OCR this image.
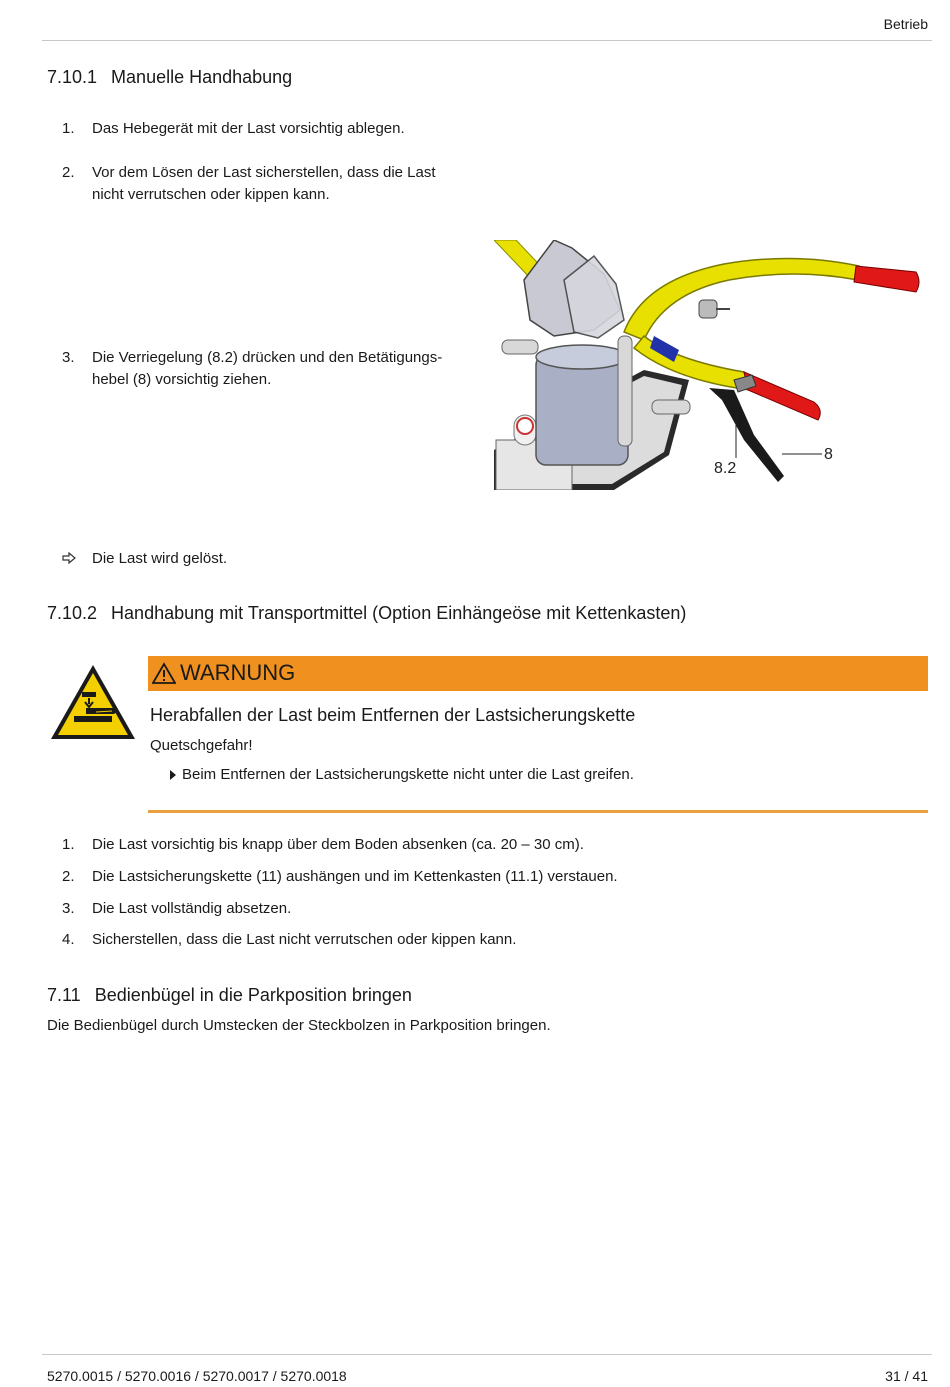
Betrieb
7.10.1 Manuelle Handhabung
1.	Das Hebegerät mit der Last vorsichtig ablegen.
2.	Vor dem Lösen der Last sicherstellen, dass die Last
nicht verrutschen oder kippen kann.
3.	Die Verriegelung (8.2) drücken und den Betätigungs-
hebel (8) vorsichtig ziehen.
8.2
8
Die Last wird gelöst.
7.10.2 Handhabung mit Transportmittel (Option Einhängeöse mit Kettenkasten)
WARNUNG
Herabfallen der Last beim Entfernen der Lastsicherungskette
Quetschgefahr!
Beim Entfernen der Lastsicherungskette nicht unter die Last greifen.
1.	Die Last vorsichtig bis knapp über dem Boden absenken (ca. 20 – 30 cm).
2.	Die Lastsicherungskette (11) aushängen und im Kettenkasten (11.1) verstauen.
3.	Die Last vollständig absetzen.
4.	Sicherstellen, dass die Last nicht verrutschen oder kippen kann.
7.11 Bedienbügel in die Parkposition bringen
Die Bedienbügel durch Umstecken der Steckbolzen in Parkposition bringen.
5270.0015 / 5270.0016 / 5270.0017 / 5270.0018	31 / 41
